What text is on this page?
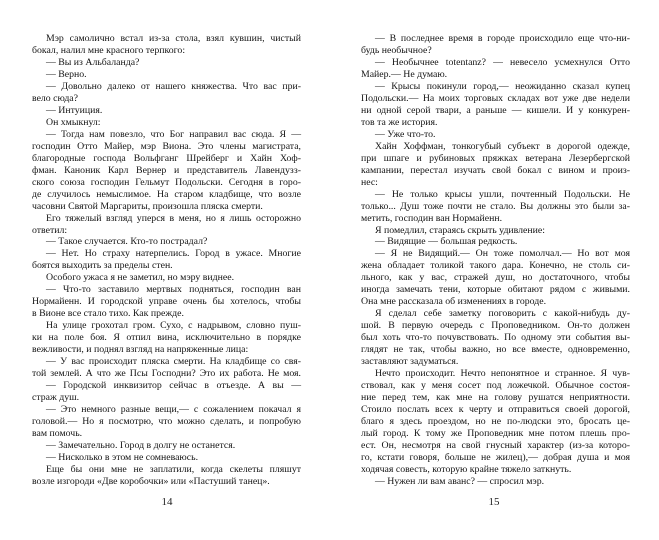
Мэр самолично встал из-за стола, взял кувшин, чистый
бокал, налил мне красного терпкого:
— Вы из Альбаланда?
— Верно.
— Довольно далеко от нашего княжества. Что вас при-
вело сюда?
— Интуиция.
Он хмыкнул:
— Тогда нам повезло, что Бог направил вас сюда. Я —
господин Отто Майер, мэр Виона. Это члены магистрата,
благородные господа Вольфганг Шрейберг и Хайн Хоф-
фман. Каноник Карл Вернер и представитель Лавендузз-
ского союза господин Гельмут Подольски. Сегодня в горо-
де случилось немыслимое. На старом кладбище, что возле
часовни Святой Маргариты, произошла пляска смерти.
Его тяжелый взгляд уперся в меня, но я лишь осторожно
ответил:
— Такое случается. Кто-то пострадал?
— Нет. Но страху натерпелись. Город в ужасе. Многие
боятся выходить за пределы стен.
Особого ужаса я не заметил, но мэру виднее.
— Что-то заставило мертвых подняться, господин ван
Нормайенн. И городской управе очень бы хотелось, чтобы
в Вионе все стало тихо. Как прежде.
На улице грохотал гром. Сухо, с надрывом, словно пуш-
ки на поле боя. Я отпил вина, исключительно в порядке
вежливости, и поднял взгляд на напряженные лица:
— У вас происходит пляска смерти. На кладбище со свя-
той землей. А что же Псы Господни? Это их работа. Не моя.
— Городской инквизитор сейчас в отъезде. А вы —
страж душ.
— Это немного разные вещи,— с сожалением покачал я
головой.— Но я посмотрю, что можно сделать, и попробую
вам помочь.
— Замечательно. Город в долгу не останется.
— Нисколько в этом не сомневаюсь.
Еще бы они мне не заплатили, когда скелеты пляшут
возле изгороди «Две коробочки» или «Пастуший танец».
— В последнее время в городе происходило еще что-ни-
будь необычное?
— Необычнее totentanz? — невесело усмехнулся Отто
Майер.— Не думаю.
— Крысы покинули город,— неожиданно сказал купец
Подольски.— На моих торговых складах вот уже две недели
ни одной серой твари, а раньше — кишели. И у конкурен-
тов та же история.
— Уже что-то.
Хайн Хоффман, тонкогубый субъект в дорогой одежде,
при шпаге и рубиновых пряжках ветерана Лезербергской
кампании, перестал изучать свой бокал с вином и произ-
нес:
— Не только крысы ушли, почтенный Подольски. Не
только... Душ тоже почти не стало. Вы должны это были за-
метить, господин ван Нормайенн.
Я помедлил, стараясь скрыть удивление:
— Видящие — большая редкость.
— Я не Видящий.— Он тоже помолчал.— Но вот моя
жена обладает толикой такого дара. Конечно, не столь си-
льного, как у вас, стражей душ, но достаточного, чтобы
иногда замечать тени, которые обитают рядом с живыми.
Она мне рассказала об изменениях в городе.
Я сделал себе заметку поговорить с какой-нибудь ду-
шой. В первую очередь с Проповедником. Он-то должен
был хоть что-то почувствовать. По одному эти события вы-
глядят не так, чтобы важно, но все вместе, одновременно,
заставляют задуматься.
Нечто происходит. Нечто непонятное и странное. Я чув-
ствовал, как у меня сосет под ложечкой. Обычное состоя-
ние перед тем, как мне на голову рушатся неприятности.
Стоило послать всех к черту и отправиться своей дорогой,
благо я здесь проездом, но не по-людски это, бросать це-
лый город. К тому же Проповедник мне потом плешь про-
ест. Он, несмотря на свой гнусный характер (из-за которо-
го, кстати говоря, больше не жилец),— добрая душа и моя
ходячая совесть, которую крайне тяжело заткнуть.
— Нужен ли вам аванс? — спросил мэр.
14	15
